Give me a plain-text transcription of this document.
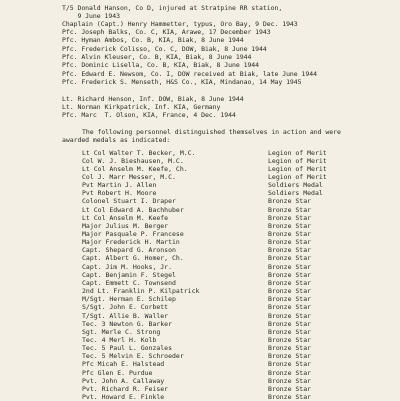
T/5 Donald Hanson, Co D, injured at Stratpine RR station,
9 June 1943
Chaplain (Capt.) Henry Hammetter, typus, Oro Bay, 9 Dec. 1943
Pfc. Joseph Balks, Co. C, KIA, Arawe, 17 December 1943
Pfc. Hyman Ambos, Co. B, KIA, Biak, 8 June 1944
Pfc. Frederick Colisso, Co. C, DOW, Biak, 8 June 1944
Pfc. Alvin Kleuser, Co. B, KIA, Biak, 8 June 1944
Pfc. Dominic Lisella, Co. B, KIA, Biak, 8 June 1944
Pfc. Edward E. Newsom, Co. I, DOW received at Biak, late June 1944
Pfc. Frederick S. Menseth, H&S Co., KIA, Mindanao, 14 May 1945
Lt. Richard Henson, Inf. DOW, Biak, 8 June 1944
Lt. Norman Kirkpatrick, Inf. KIA, Germany
Pfc. Marc  T. Olson, KIA, France, 4 Dec. 1944
The following personnel distinguished themselves in action and were
awarded medals as indicated:
Lt Col Walter T. Becker, M.C.	Legion of Merit
Col W. J. Bieshausen, M.C.	Legion of Merit
Lt Col Anselm M. Keefe, Ch.	Legion of Merit
Col J. Marr Messer, M.C.	Legion of Merit
Pvt Martin J. Allen	Soldiers Medal
Pvt Robert H. Moore	Soldiers Medal
Colonel Stuart I. Draper	Bronze Star
Lt Col Edward A. Bachhuber	Bronze Star
Lt Col Anselm M. Keefe	Bronze Star
Major Julius M. Berger	Bronze Star
Major Pasquale P. Francese	Bronze Star
Major Frederick H. Martin	Bronze Star
Capt. Shepard G. Aronson	Bronze Star
Capt. Albert G. Homer, Ch.	Bronze Star
Capt. Jim M. Hooks, Jr.	Bronze Star
Capt. Benjamin F. Stegel	Bronze Star
Capt. Emmett C. Townsend	Bronze Star
2nd Lt. Franklin P. Kilpatrick	Bronze Star
M/Sgt. Herman E. Schilep	Bronze Star
S/Sgt. John E. Corbett	Bronze Star
T/Sgt. Allie B. Waller	Bronze Star
Tec. 3 Newton G. Barker	Bronze Star
Sgt. Merle C. Strong	Bronze Star
Tec. 4 Merl H. Kolb	Bronze Star
Tec. 5 Paul L. Gonzales	Bronze Star
Tec. 5 Melvin E. Schroeder	Bronze Star
Pfc Micah E. Halstead	Bronze Star
Pfc Glen E. Purdue	Bronze Star
Pvt. John A. Callaway	Bronze Star
Pvt. Richard R. Feiser	Bronze Star
Pvt. Howard E. Finkle	Bronze Star
